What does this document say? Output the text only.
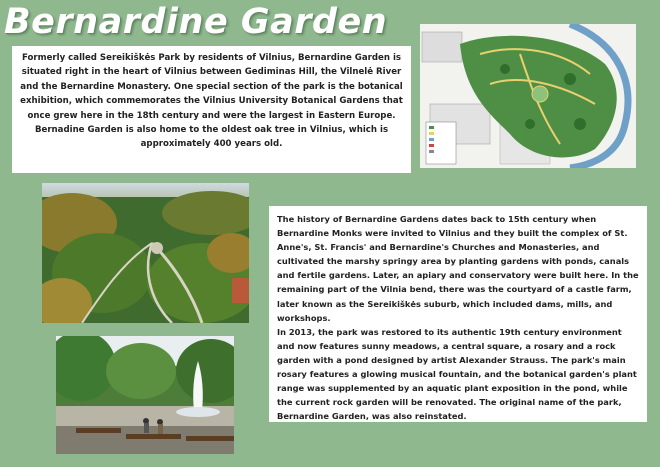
Bernardine Garden
Formerly called Sereikiškės Park by residents of Vilnius, Bernardine Garden is situated right in the heart of Vilnius between Gediminas Hill, the Vilnelė River and the Bernardine Monastery. One special section of the park is the botanical exhibition, which commemorates the Vilnius University Botanical Gardens that once grew here in the 18th century and were the largest in Eastern Europe. Bernadine Garden is also home to the oldest oak tree in Vilnius, which is approximately 400 years old.

The history of Bernardine Gardens dates back to 15th century when Bernardine Monks were invited to Vilnius and they built the complex of St. Anne's, St. Francis' and Bernardine's Churches and Monasteries, and cultivated the marshy springy area by planting gardens with ponds, canals and fertile gardens. Later, an apiary and conservatory were built here. In the remaining part of the Vilnia bend, there was the courtyard of a castle farm, later known as the Sereikiškės suburb, which included dams, mills, and workshops.

In 2013, the park was restored to its authentic 19th century environment and now features sunny meadows, a central square, a rosary and a rock garden with a pond designed by artist Alexander Strauss. The park's main rosary features a glowing musical fountain, and the botanical garden's plant range was supplemented by an aquatic plant exposition in the pond, while the current rock garden will be renovated. The original name of the park, Bernardine Garden, was also reinstated.
